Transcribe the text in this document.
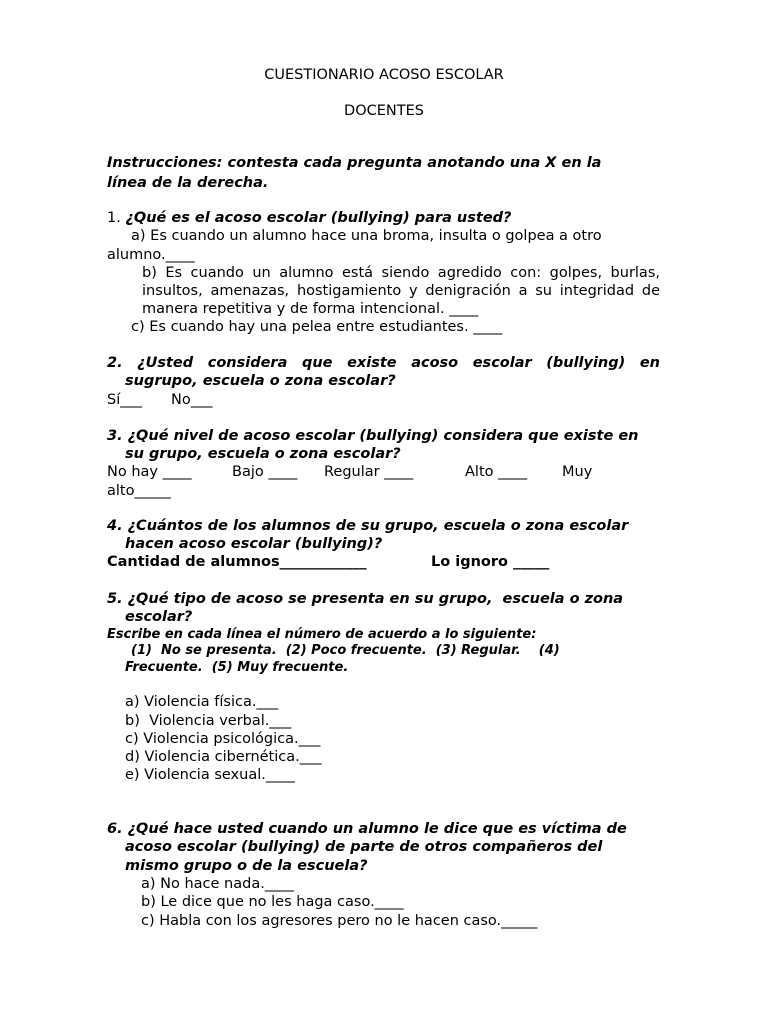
CUESTIONARIO ACOSO ESCOLAR
DOCENTES
Instrucciones: contesta cada pregunta anotando una X en la
línea de la derecha.
1. ¿Qué es el acoso escolar (bullying) para usted?
a) Es cuando un alumno hace una broma, insulta o golpea a otro
alumno.____
b) Es cuando un alumno está siendo agredido con: golpes, burlas,
insultos, amenazas, hostigamiento y denigración a su integridad de
manera repetitiva y de forma intencional. ____
c) Es cuando hay una pelea entre estudiantes. ____
2. ¿Usted considera que existe acoso escolar (bullying) en
sugrupo, escuela o zona escolar?
Sí___ No___
3. ¿Qué nivel de acoso escolar (bullying) considera que existe en
su grupo, escuela o zona escolar?
No hay ____	Bajo ____ Regular ____	Alto ____ Muy
alto_____
4. ¿Cuántos de los alumnos de su grupo, escuela o zona escolar
hacen acoso escolar (bullying)?
Cantidad de alumnos____________	Lo ignoro _____
5. ¿Qué tipo de acoso se presenta en su grupo,  escuela o zona
escolar?
Escribe en cada línea el número de acuerdo a lo siguiente:
(1)  No se presenta.  (2) Poco frecuente.  (3) Regular.    (4)
Frecuente.  (5) Muy frecuente.
a) Violencia física.___
b)  Violencia verbal.___
c) Violencia psicológica.___
d) Violencia cibernética.___
e) Violencia sexual.____
6. ¿Qué hace usted cuando un alumno le dice que es víctima de
acoso escolar (bullying) de parte de otros compañeros del
mismo grupo o de la escuela?
a) No hace nada.____
b) Le dice que no les haga caso.____
c) Habla con los agresores pero no le hacen caso._____
